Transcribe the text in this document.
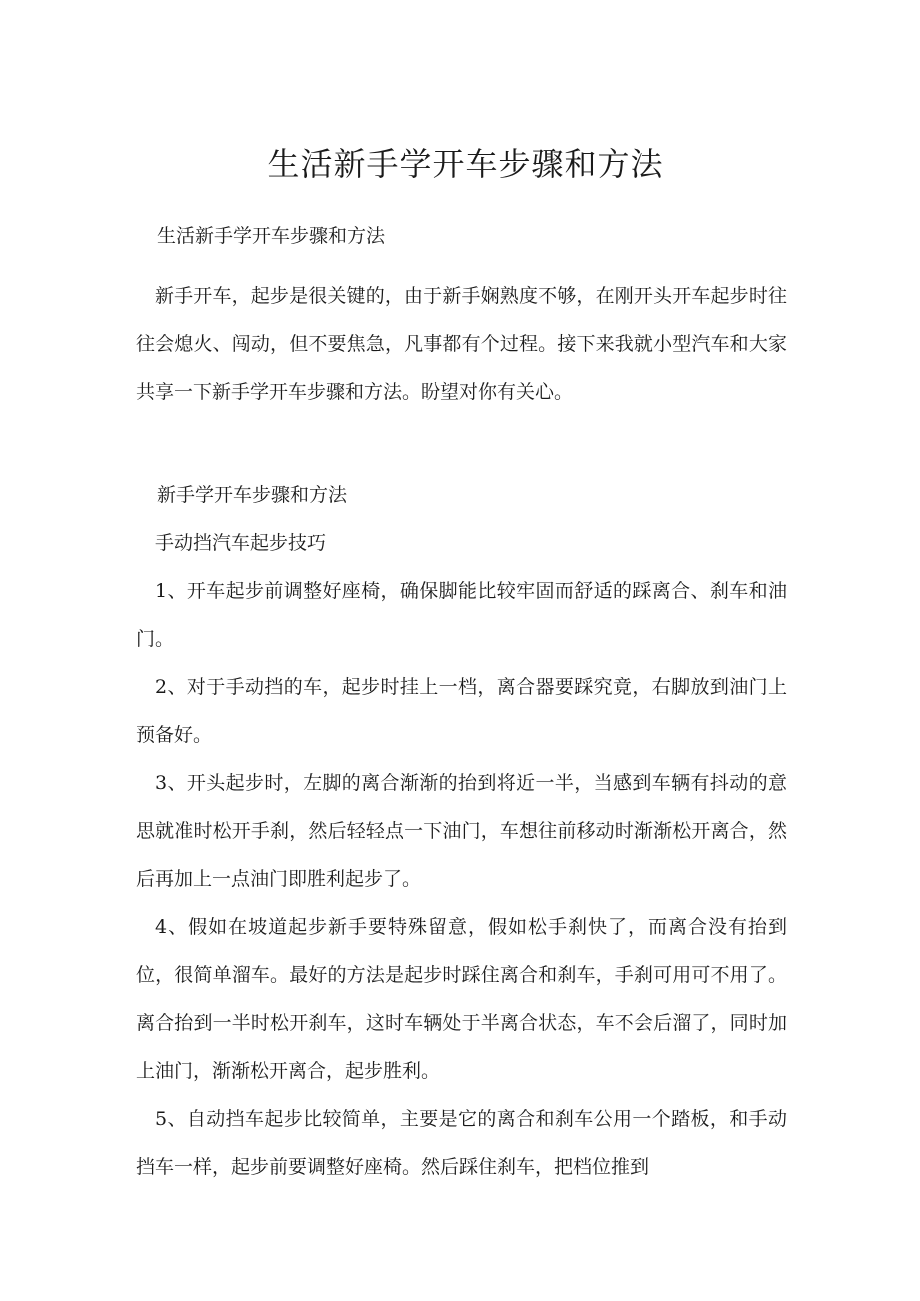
生活新手学开车步骤和方法

生活新手学开车步骤和方法

新手开车，起步是很关键的，由于新手娴熟度不够，在刚开头开车起步时往往会熄火、闯动，但不要焦急，凡事都有个过程。接下来我就小型汽车和大家共享一下新手学开车步骤和方法。盼望对你有关心。

新手学开车步骤和方法

手动挡汽车起步技巧

1、开车起步前调整好座椅，确保脚能比较牢固而舒适的踩离合、刹车和油门。

2、对于手动挡的车，起步时挂上一档，离合器要踩究竟，右脚放到油门上预备好。

3、开头起步时，左脚的离合渐渐的抬到将近一半，当感到车辆有抖动的意思就准时松开手刹，然后轻轻点一下油门，车想往前移动时渐渐松开离合，然后再加上一点油门即胜利起步了。

4、假如在坡道起步新手要特殊留意，假如松手刹快了，而离合没有抬到位，很简单溜车。最好的方法是起步时踩住离合和刹车，手刹可用可不用了。离合抬到一半时松开刹车，这时车辆处于半离合状态，车不会后溜了，同时加上油门，渐渐松开离合，起步胜利。

5、自动挡车起步比较简单，主要是它的离合和刹车公用一个踏板，和手动挡车一样，起步前要调整好座椅。然后踩住刹车，把档位推到
